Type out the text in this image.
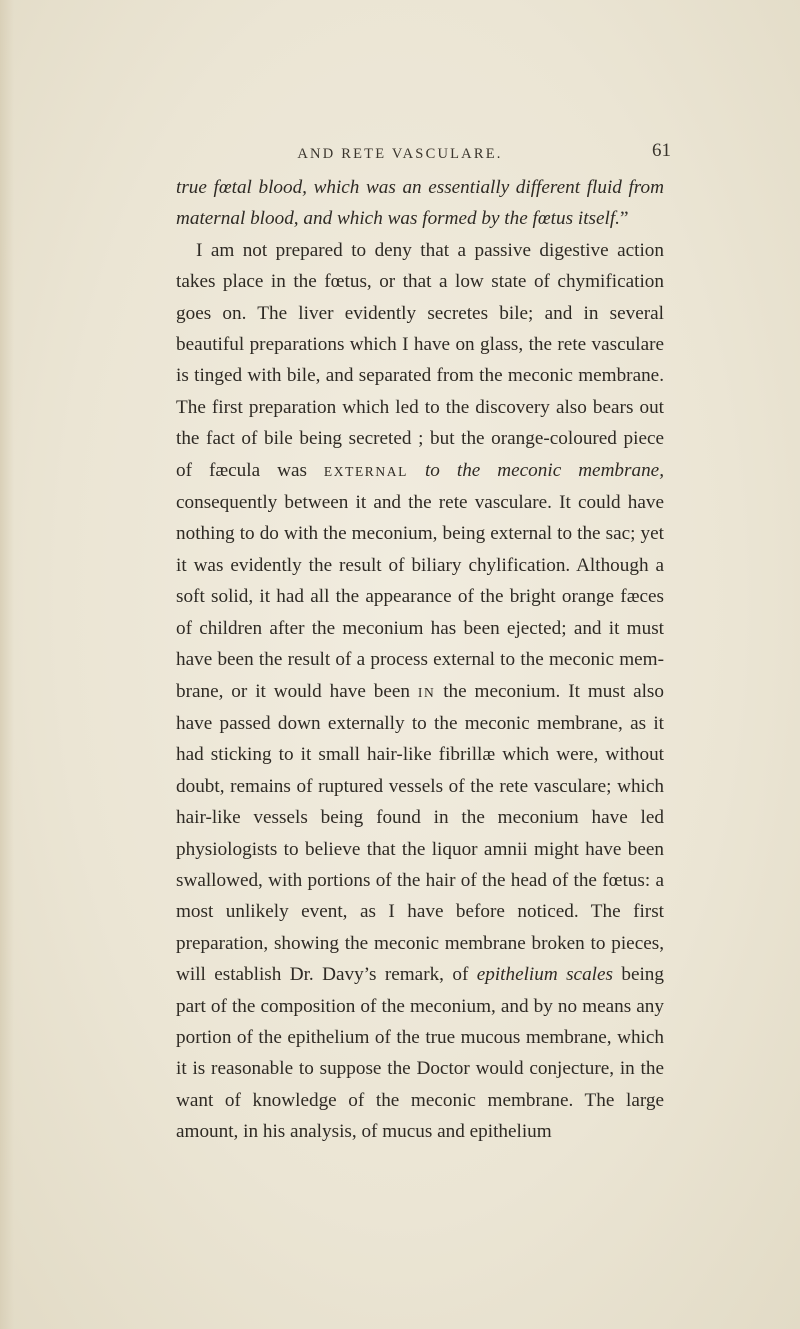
AND RETE VASCULARE.	61

true fœtal blood, which was an essentially different fluid from maternal blood, and which was formed by the fœtus itself.”

I am not prepared to deny that a passive digestive action takes place in the fœtus, or that a low state of chymification goes on. The liver evidently secretes bile; and in several beautiful preparations which I have on glass, the rete vasculare is tinged with bile, and separated from the meconic membrane. The first preparation which led to the discovery also bears out the fact of bile being secreted ; but the orange-coloured piece of fæcula was EXTERNAL to the meconic membrane, consequently between it and the rete vasculare. It could have nothing to do with the meconium, being external to the sac; yet it was evidently the result of biliary chylification. Although a soft solid, it had all the appearance of the bright orange fæces of children after the meconium has been ejected; and it must have been the result of a process external to the meconic membrane, or it would have been IN the meconium. It must also have passed down externally to the meconic membrane, as it had sticking to it small hair-like fibrillæ which were, without doubt, remains of ruptured vessels of the rete vasculare; which hair-like vessels being found in the meconium have led physiologists to believe that the liquor amnii might have been swallowed, with portions of the hair of the head of the fœtus: a most unlikely event, as I have before noticed. The first preparation, showing the meconic membrane broken to pieces, will establish Dr. Davy’s remark, of epithelium scales being part of the composition of the meconium, and by no means any portion of the epithelium of the true mucous membrane, which it is reasonable to suppose the Doctor would conjecture, in the want of knowledge of the meconic membrane. The large amount, in his analysis, of mucus and epithelium
